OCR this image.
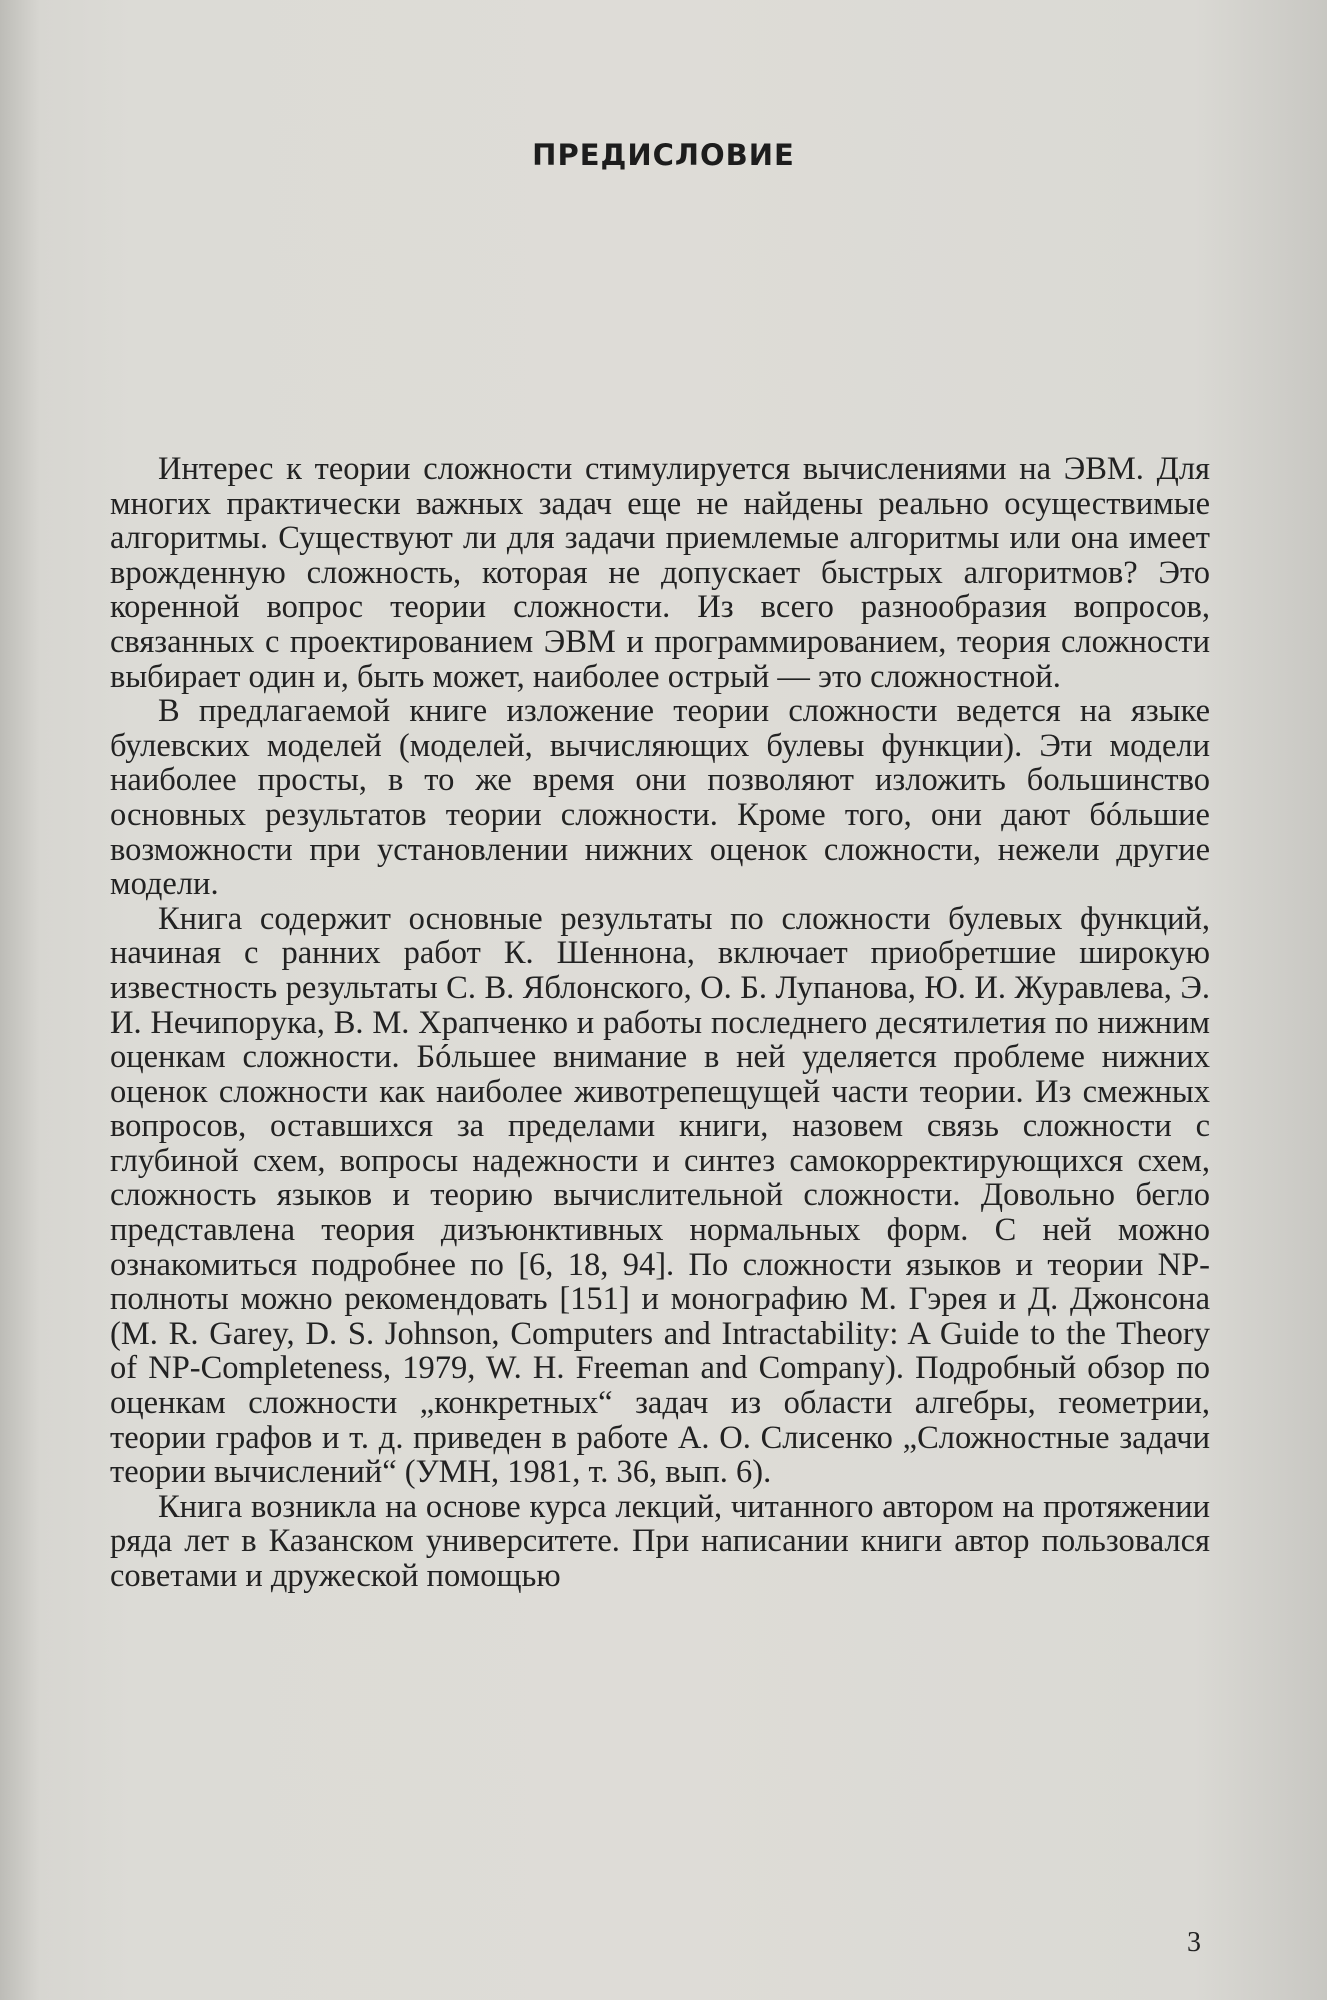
ПРЕДИСЛОВИЕ

Интерес к теории сложности стимулируется вычислениями на ЭВМ. Для многих практически важных задач еще не найдены реально осуществимые алгоритмы. Существуют ли для задачи приемлемые алгоритмы или она имеет врожденную сложность, которая не допускает быстрых алгоритмов? Это коренной вопрос теории сложности. Из всего разнообразия вопросов, связанных с проектированием ЭВМ и программированием, теория сложности выбирает один и, быть может, наиболее острый — это сложностной.

В предлагаемой книге изложение теории сложности ведется на языке булевских моделей (моделей, вычисляющих булевы функции). Эти модели наиболее просты, в то же время они позволяют изложить большинство основных результатов теории сложности. Кроме того, они дают бóльшие возможности при установлении нижних оценок сложности, нежели другие модели.

Книга содержит основные результаты по сложности булевых функций, начиная с ранних работ К. Шеннона, включает приобретшие широкую известность результаты С. В. Яблонского, О. Б. Лупанова, Ю. И. Журавлева, Э. И. Нечипорука, В. М. Храпченко и работы последнего десятилетия по нижним оценкам сложности. Бóльшее внимание в ней уделяется проблеме нижних оценок сложности как наиболее животрепещущей части теории. Из смежных вопросов, оставшихся за пределами книги, назовем связь сложности с глубиной схем, вопросы надежности и синтез самокорректирующихся схем, сложность языков и теорию вычислительной сложности. Довольно бегло представлена теория дизъюнктивных нормальных форм. С ней можно ознакомиться подробнее по [6, 18, 94]. По сложности языков и теории NP-полноты можно рекомендовать [151] и монографию М. Гэрея и Д. Джонсона (M. R. Garey, D. S. Johnson, Computers and Intractability: A Guide to the Theory of NP-Completeness, 1979, W. H. Freeman and Company). Подробный обзор по оценкам сложности „конкретных“ задач из области алгебры, геометрии, теории графов и т. д. приведен в работе А. О. Слисенко „Сложностные задачи теории вычислений“ (УМН, 1981, т. 36, вып. 6).

Книга возникла на основе курса лекций, читанного автором на протяжении ряда лет в Казанском университете. При написании книги автор пользовался советами и дружеской помощью

3
